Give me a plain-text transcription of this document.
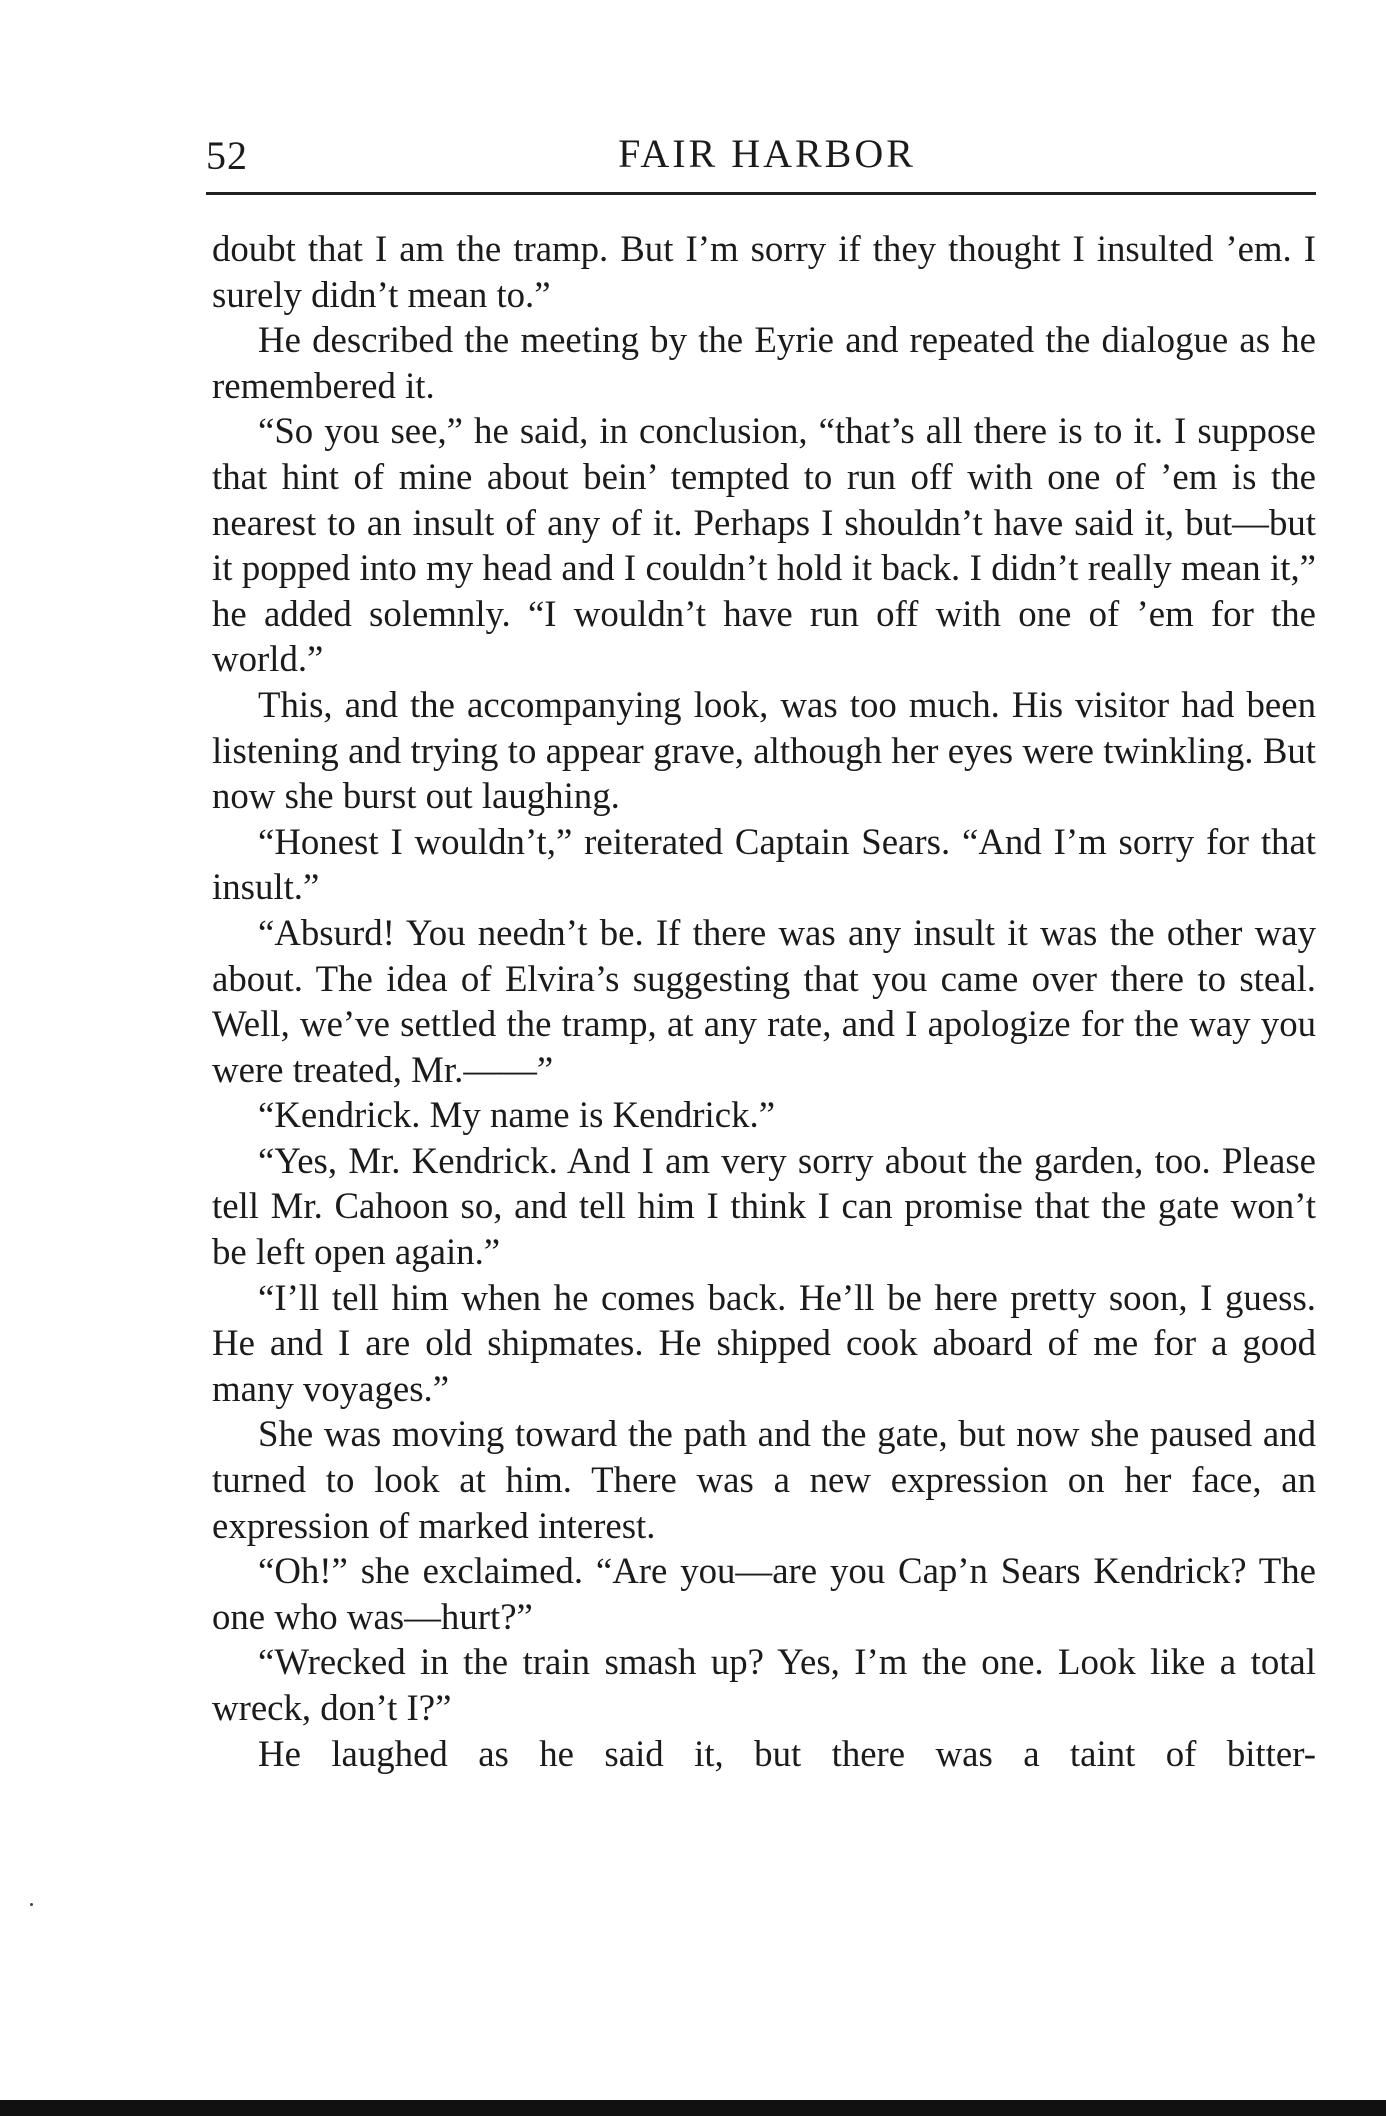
52	FAIR HARBOR

doubt that I am the tramp. But I’m sorry if they thought I insulted ’em. I surely didn’t mean to.”

He described the meeting by the Eyrie and repeated the dialogue as he remembered it.

“So you see,” he said, in conclusion, “that’s all there is to it. I suppose that hint of mine about bein’ tempted to run off with one of ’em is the nearest to an insult of any of it. Perhaps I shouldn’t have said it, but—but it popped into my head and I couldn’t hold it back. I didn’t really mean it,” he added solemnly. “I wouldn’t have run off with one of ’em for the world.”

This, and the accompanying look, was too much. His visitor had been listening and trying to appear grave, although her eyes were twinkling. But now she burst out laughing.

“Honest I wouldn’t,” reiterated Captain Sears. “And I’m sorry for that insult.”

“Absurd! You needn’t be. If there was any insult it was the other way about. The idea of Elvira’s suggesting that you came over there to steal. Well, we’ve settled the tramp, at any rate, and I apologize for the way you were treated, Mr.——”

“Kendrick. My name is Kendrick.”

“Yes, Mr. Kendrick. And I am very sorry about the garden, too. Please tell Mr. Cahoon so, and tell him I think I can promise that the gate won’t be left open again.”

“I’ll tell him when he comes back. He’ll be here pretty soon, I guess. He and I are old shipmates. He shipped cook aboard of me for a good many voyages.”

She was moving toward the path and the gate, but now she paused and turned to look at him. There was a new expression on her face, an expression of marked interest.

“Oh!” she exclaimed. “Are you—are you Cap’n Sears Kendrick? The one who was—hurt?”

“Wrecked in the train smash up? Yes, I’m the one. Look like a total wreck, don’t I?”

He laughed as he said it, but there was a taint of bitter-
